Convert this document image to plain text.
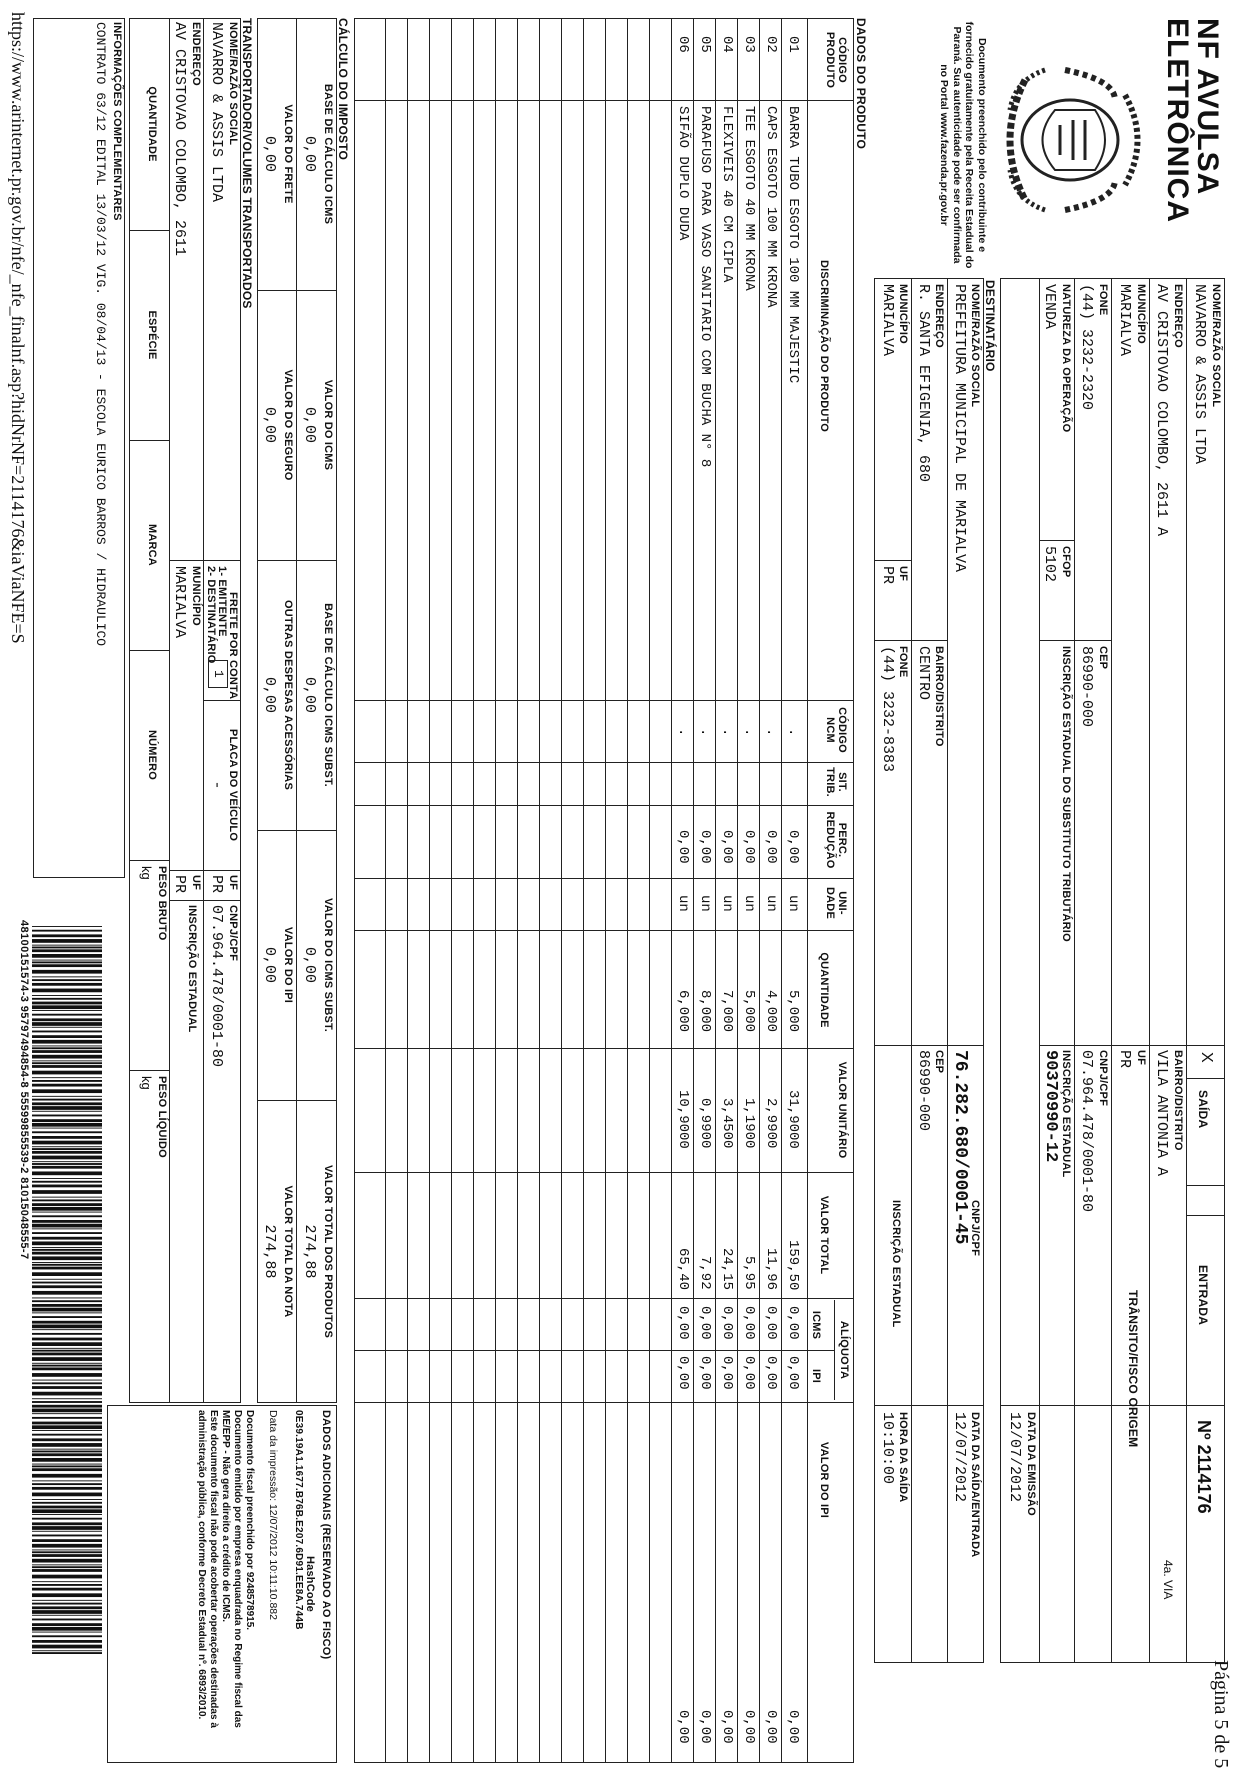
Página 5 de 5
NF AVULSA
ELETRÔNICA
Documento preenchido pelo contribuinte e fornecido gratuitamente pela Receita Estadual do Paraná. Sua autenticidade pode ser confirmada no Portal www.fazenda.pr.gov.br
NOME/RAZÃO SOCIAL
NAVARRO & ASSIS LTDA
X
SAÍDA
ENTRADA
Nº 2114176
ENDEREÇO
AV CRISTOVAO COLOMBO, 2611 A
BAIRRO/DISTRITO
VILA ANTONIA A
4a. VIA
MUNICÍPIO
MARIALVA
UF
PR
TRÂNSITO/FISCO ORIGEM
FONE
(44) 3232-2320
CEP
86990-000
CNPJ/CPF
07.964.478/0001-80
NATUREZA DA OPERAÇÃO
VENDA
CFOP
5102
INSCRIÇÃO ESTADUAL DO SUBSTITUTO TRIBUTÁRIO
INSCRIÇÃO ESTADUAL
90370990-12
DATA DA EMISSÃO
12/07/2012
DESTINATÁRIO
NOME/RAZÃO SOCIAL
PREFEITURA MUNICIPAL DE MARIALVA
CNPJ/CPF
76.282.680/0001-45
DATA DA SAÍDA/ENTRADA
12/07/2012
ENDEREÇO
R. SANTA EFIGENIA, 680
BAIRRO/DISTRITO
CENTRO
CEP
86990-000
HORA DA SAÍDA
10:10:00
MUNICÍPIO
MARIALVA
UF
PR
FONE
(44) 3232-8383
INSCRIÇÃO ESTADUAL
DADOS DO PRODUTO
CÓDIGO PRODUTO
DISCRIMINAÇÃO DO PRODUTO
CÓDIGO NCM
SIT. TRIB.
PERC. REDUÇÃO
UNI- DADE
QUANTIDADE
VALOR UNITÁRIO
VALOR TOTAL
ALÍQUOTA
ICMS
IPI
VALOR DO IPI
01
BARRA TUBO ESGOTO 100 MM MAJESTIC
.
0,00
un
5,000
31,9000
159,50
0,00
0,00
0,00
02
CAPS ESGOTO 100 MM KRONA
.
0,00
un
4,000
2,9900
11,96
0,00
0,00
0,00
03
TEE ESGOTO 40 MM KRONA
.
0,00
un
5,000
1,1900
5,95
0,00
0,00
0,00
04
FLEXIVEIS 40 CM CIPLA
.
0,00
un
7,000
3,4500
24,15
0,00
0,00
0,00
05
PARAFUSO PARA VASO SANITARIO COM BUCHA N° 8
.
0,00
un
8,000
0,9900
7,92
0,00
0,00
0,00
06
SIFÃO DUPLO DUDA
.
0,00
un
6,000
10,9000
65,40
0,00
0,00
0,00
CÁLCULO DO IMPOSTO
BASE DE CÁLCULO ICMS
0,00
VALOR DO ICMS
0,00
BASE DE CÁLCULO ICMS SUBST.
0,00
VALOR DO ICMS SUBST.
0,00
VALOR TOTAL DOS PRODUTOS
274,88
VALOR DO FRETE
0,00
VALOR DO SEGURO
0,00
OUTRAS DESPESAS ACESSÓRIAS
0,00
VALOR DO IPI
0,00
VALOR TOTAL DA NOTA
274,88
TRANSPORTADOR/VOLUMES TRANSPORTADOS
NOME/RAZÃO SOCIAL
NAVARRO & ASSIS LTDA
FRETE POR CONTA
1- EMITENTE
2- DESTINATÁRIO
1
PLACA DO VEÍCULO
-
UF
PR
CNPJ/CPF
07.964.478/0001-80
ENDEREÇO
AV CRISTOVAO COLOMBO, 2611
MUNICÍPIO
MARIALVA
UF
PR
INSCRIÇÃO ESTADUAL
QUANTIDADE
ESPÉCIE
MARCA
NÚMERO
PESO BRUTO
kg
PESO LÍQUIDO
kg
INFORMAÇÕES COMPLEMENTARES
CONTRATO 63/12 EDITAL 13/03/12 VIG. 08/04/13 - ESCOLA EURICO BARROS / HIDRAULICO
DADOS ADICIONAIS (RESERVADO AO FISCO)
HashCode
0E39.19A1.1677.B76B.E207.6D91.EE8A.744B
Data da impressão: 12/07/2012 10:11:10.882
Documento fiscal preenchido por 9248578915.
Documento emitido por empresa enquadrada no Regime fiscal das ME/EPP - Não gera direito a crédito de ICMS.
Este documento fiscal não pode acobertar operações destinadas à administração pública, conforme Decreto Estadual nº. 6893/2010.
48100151574-3 95797494854-8 55599855539-2 81015048555-7
https://www.arinternet.pr.gov.br/nfe/_nfe_finalnf.asp?hidNrNF=2114176&iaViaNFE=S
